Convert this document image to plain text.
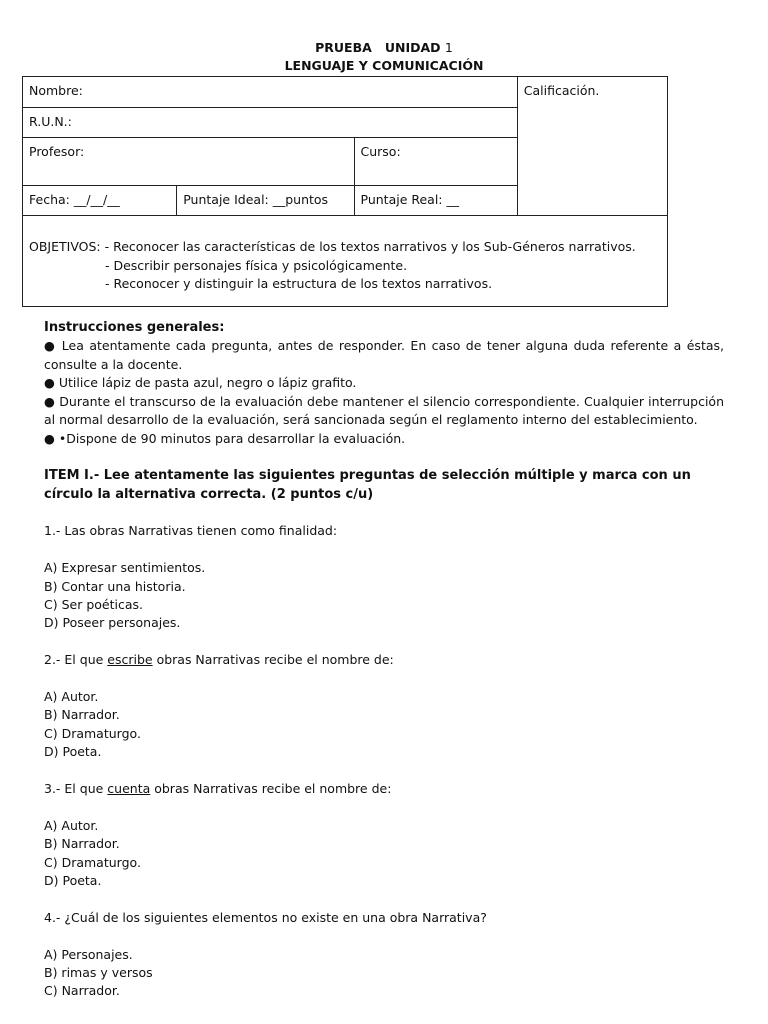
PRUEBA   UNIDAD 1
LENGUAJE Y COMUNICACIÓN
Nombre:			Calificación.
R.U.N.:			
Profesor:		Curso:	
Fecha: __/__/__	Puntaje Ideal: __puntos	Puntaje Real: __	

OBJETIVOS: - Reconocer las características de los textos narrativos y los Sub-Géneros narrativos.
- Describir personajes física y psicológicamente.
- Reconocer y distinguir la estructura de los textos narrativos.			
Instrucciones generales:
● Lea atentamente cada pregunta, antes de responder. En caso de tener alguna duda referente a éstas, consulte a la docente.
● Utilice lápiz de pasta azul, negro o lápiz grafito.
● Durante el transcurso de la evaluación debe mantener el silencio correspondiente. Cualquier interrupción al normal desarrollo de la evaluación, será sancionada según el reglamento interno del establecimiento.
● •Dispone de 90 minutos para desarrollar la evaluación.
ITEM I.- Lee atentamente las siguientes preguntas de selección múltiple y marca con un círculo la alternativa correcta. (2 puntos c/u)
1.- Las obras Narrativas tienen como finalidad:
A) Expresar sentimientos.
B) Contar una historia.
C) Ser poéticas.
D) Poseer personajes.
2.- El que escribe obras Narrativas recibe el nombre de:
A) Autor.
B) Narrador.
C) Dramaturgo.
D) Poeta.
3.- El que cuenta obras Narrativas recibe el nombre de:
A) Autor.
B) Narrador.
C) Dramaturgo.
D) Poeta.
4.- ¿Cuál de los siguientes elementos no existe en una obra Narrativa?
A) Personajes.
B) rimas y versos
C) Narrador.
